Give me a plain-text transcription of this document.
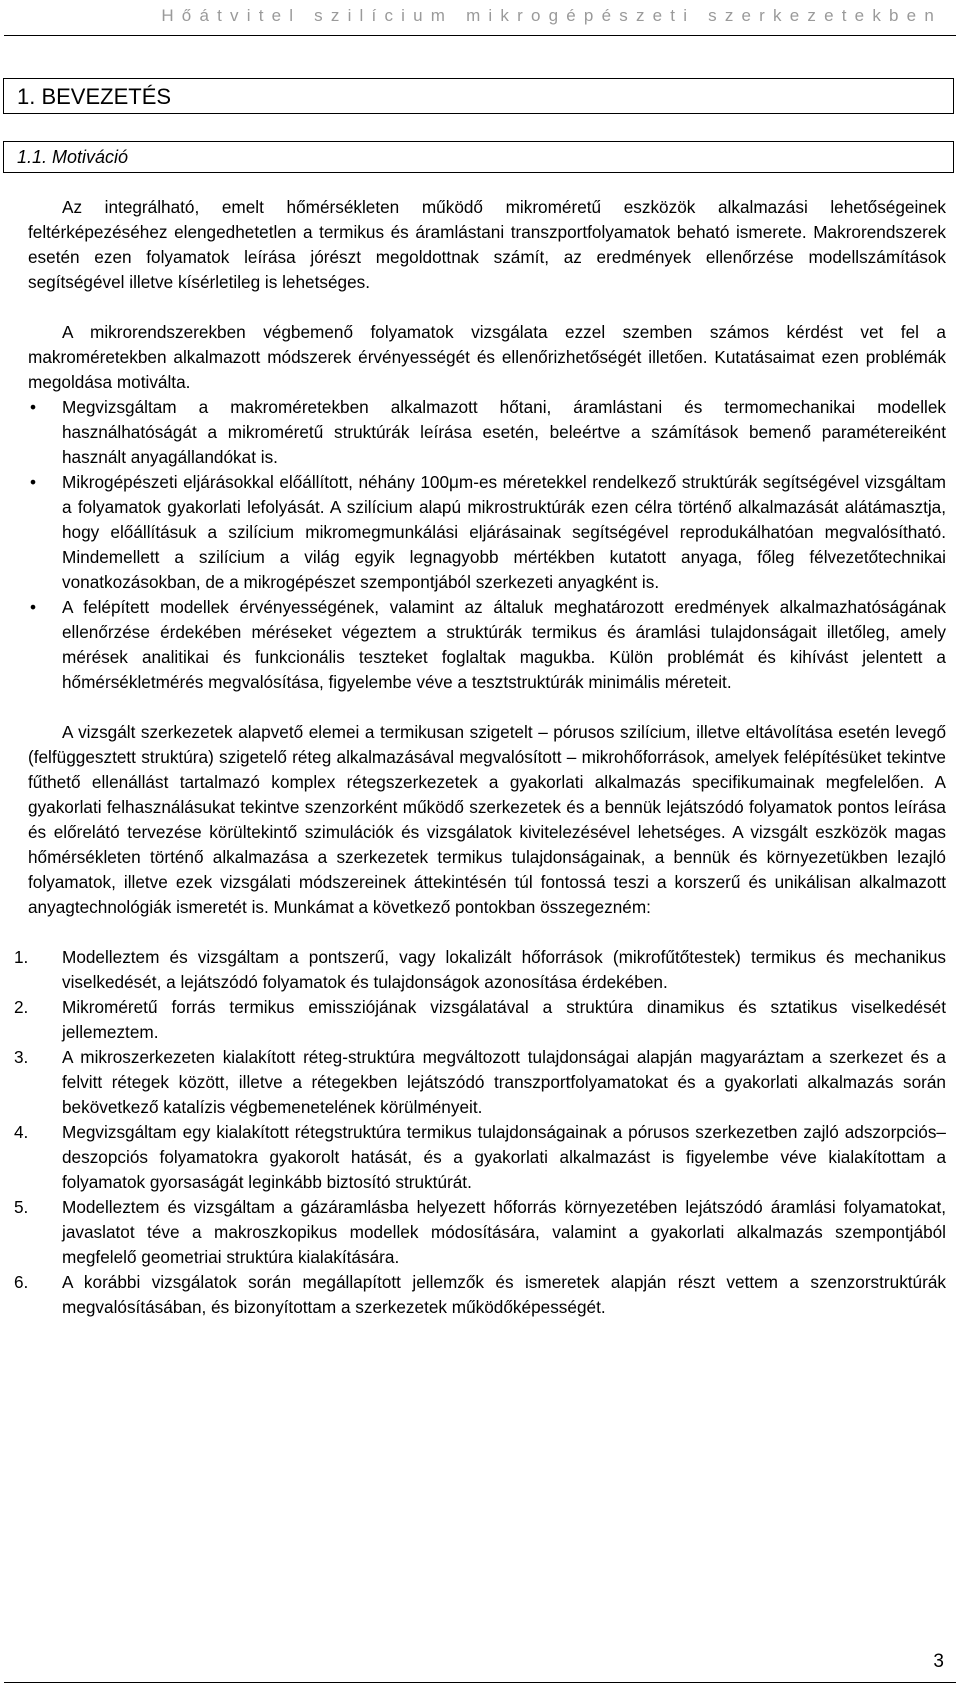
Hőátvitel szilícium mikrogépészeti szerkezetekben
1. BEVEZETÉS
1.1. Motiváció

Az integrálható, emelt hőmérsékleten működő mikroméretű eszközök alkalmazási lehetőségeinek feltérképezéséhez elengedhetetlen a termikus és áramlástani transzportfolyamatok beható ismerete. Makrorendszerek esetén ezen folyamatok leírása jórészt megoldottnak számít, az eredmények ellenőrzése modellszámítások segítségével illetve kísérletileg is lehetséges.

A mikrorendszerekben végbemenő folyamatok vizsgálata ezzel szemben számos kérdést vet fel a makroméretekben alkalmazott módszerek érvényességét és ellenőrizhetőségét illetően. Kutatásaimat ezen problémák megoldása motiválta.

• Megvizsgáltam a makroméretekben alkalmazott hőtani, áramlástani és termomechanikai modellek használhatóságát a mikroméretű struktúrák leírása esetén, beleértve a számítások bemenő paramétereiként használt anyagállandókat is.
• Mikrogépészeti eljárásokkal előállított, néhány 100μm-es méretekkel rendelkező struktúrák segítségével vizsgáltam a folyamatok gyakorlati lefolyását. A szilícium alapú mikrostruktúrák ezen célra történő alkalmazását alátámasztja, hogy előállításuk a szilícium mikromegmunkálási eljárásainak segítségével reprodukálhatóan megvalósítható. Mindemellett a szilícium a világ egyik legnagyobb mértékben kutatott anyaga, főleg félvezetőtechnikai vonatkozásokban, de a mikrogépészet szempontjából szerkezeti anyagként is.
• A felépített modellek érvényességének, valamint az általuk meghatározott eredmények alkalmazhatóságának ellenőrzése érdekében méréseket végeztem a struktúrák termikus és áramlási tulajdonságait illetőleg, amely mérések analitikai és funkcionális teszteket foglaltak magukba. Külön problémát és kihívást jelentett a hőmérsékletmérés megvalósítása, figyelembe véve a tesztstruktúrák minimális méreteit.

A vizsgált szerkezetek alapvető elemei a termikusan szigetelt – pórusos szilícium, illetve eltávolítása esetén levegő (felfüggesztett struktúra) szigetelő réteg alkalmazásával megvalósított – mikrohőforrások, amelyek felépítésüket tekintve fűthető ellenállást tartalmazó komplex rétegszerkezetek a gyakorlati alkalmazás specifikumainak megfelelően. A gyakorlati felhasználásukat tekintve szenzorként működő szerkezetek és a bennük lejátszódó folyamatok pontos leírása és előrelátó tervezése körültekintő szimulációk és vizsgálatok kivitelezésével lehetséges. A vizsgált eszközök magas hőmérsékleten történő alkalmazása a szerkezetek termikus tulajdonságainak, a bennük és környezetükben lezajló folyamatok, illetve ezek vizsgálati módszereinek áttekintésén túl fontossá teszi a korszerű és unikálisan alkalmazott anyagtechnológiák ismeretét is. Munkámat a következő pontokban összegezném:

1. Modelleztem és vizsgáltam a pontszerű, vagy lokalizált hőforrások (mikrofűtőtestek) termikus és mechanikus viselkedését, a lejátszódó folyamatok és tulajdonságok azonosítása érdekében.
2. Mikroméretű forrás termikus emissziójának vizsgálatával a struktúra dinamikus és sztatikus viselkedését jellemeztem.
3. A mikroszerkezeten kialakított réteg-struktúra megváltozott tulajdonságai alapján magyaráztam a szerkezet és a felvitt rétegek között, illetve a rétegekben lejátszódó transzportfolyamatokat és a gyakorlati alkalmazás során bekövetkező katalízis végbemenetelének körülményeit.
4. Megvizsgáltam egy kialakított rétegstruktúra termikus tulajdonságainak a pórusos szerkezetben zajló adszorpciós–deszopciós folyamatokra gyakorolt hatását, és a gyakorlati alkalmazást is figyelembe véve kialakítottam a folyamatok gyorsaságát leginkább biztosító struktúrát.
5. Modelleztem és vizsgáltam a gázáramlásba helyezett hőforrás környezetében lejátszódó áramlási folyamatokat, javaslatot téve a makroszkopikus modellek módosítására, valamint a gyakorlati alkalmazás szempontjából megfelelő geometriai struktúra kialakítására.
6. A korábbi vizsgálatok során megállapított jellemzők és ismeretek alapján részt vettem a szenzorstruktúrák megvalósításában, és bizonyítottam a szerkezetek működőképességét.
3
